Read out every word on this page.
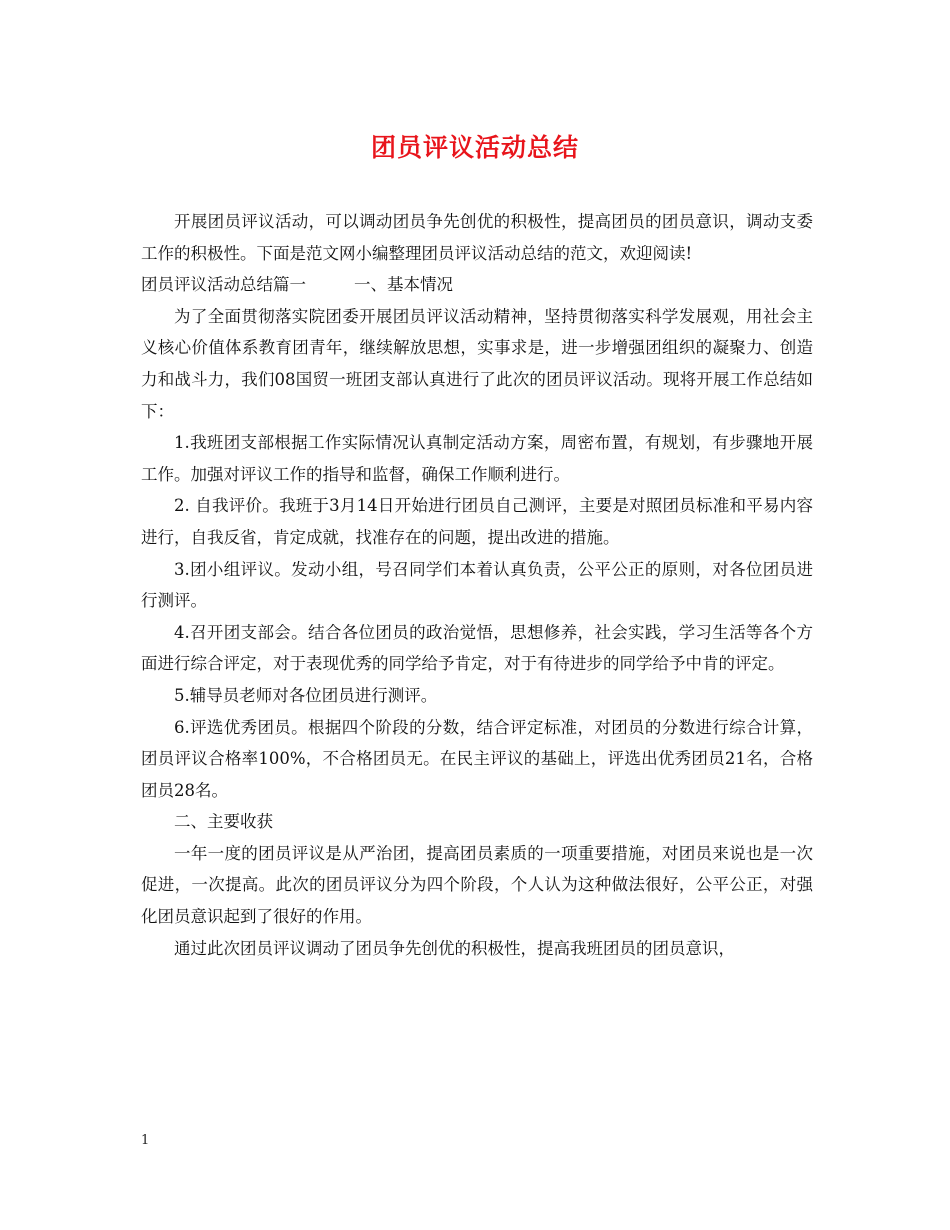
团员评议活动总结

开展团员评议活动，可以调动团员争先创优的积极性，提高团员的团员意识，调动支委工作的积极性。下面是范文网小编整理团员评议活动总结的范文，欢迎阅读!

团员评议活动总结篇一	一、基本情况

为了全面贯彻落实院团委开展团员评议活动精神，坚持贯彻落实科学发展观，用社会主义核心价值体系教育团青年，继续解放思想，实事求是，进一步增强团组织的凝聚力、创造力和战斗力，我们08国贸一班团支部认真进行了此次的团员评议活动。现将开展工作总结如下：

1.我班团支部根据工作实际情况认真制定活动方案，周密布置，有规划，有步骤地开展工作。加强对评议工作的指导和监督，确保工作顺利进行。

2. 自我评价。我班于3月14日开始进行团员自己测评，主要是对照团员标准和平易内容进行，自我反省，肯定成就，找准存在的问题，提出改进的措施。

3.团小组评议。发动小组，号召同学们本着认真负责，公平公正的原则，对各位团员进行测评。

4.召开团支部会。结合各位团员的政治觉悟，思想修养，社会实践，学习生活等各个方面进行综合评定，对于表现优秀的同学给予肯定，对于有待进步的同学给予中肯的评定。

5.辅导员老师对各位团员进行测评。

6.评选优秀团员。根据四个阶段的分数，结合评定标准，对团员的分数进行综合计算，团员评议合格率100%，不合格团员无。在民主评议的基础上，评选出优秀团员21名，合格团员28名。

二、主要收获

一年一度的团员评议是从严治团，提高团员素质的一项重要措施，对团员来说也是一次促进，一次提高。此次的团员评议分为四个阶段，个人认为这种做法很好，公平公正，对强化团员意识起到了很好的作用。

通过此次团员评议调动了团员争先创优的积极性，提高我班团员的团员意识，

1
